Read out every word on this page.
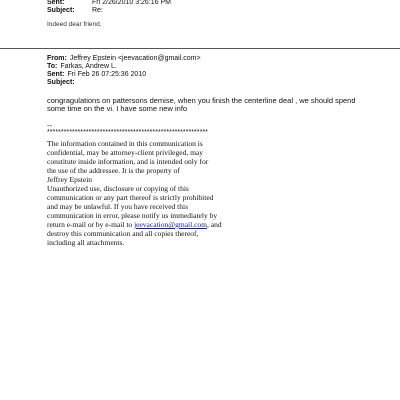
Sent:	Fri 2/26/2010 3:26:16 PM
Subject: Re:
Indeed dear friend.
From: Jeffrey Epstein <jeevacation@gmail.com>
To: Farkas, Andrew L.
Sent: Fri Feb 26 07:25:36 2010
Subject:
congragulations on pattersons demise, when you finish the centerline deal , we should spend
some time on the vi. I have some new info
--
**********************************************************
The information contained in this communication is
confidential, may be attorney-client privileged, may
constitute inside information, and is intended only for
the use of the addressee. It is the property of
Jeffrey Epstein
Unauthorized use, disclosure or copying of this
communication or any part thereof is strictly prohibited
and may be unlawful. If you have received this
communication in error, please notify us immediately by
return e-mail or by e-mail to jeevacation@gmail.com, and
destroy this communication and all copies thereof,
including all attachments.
